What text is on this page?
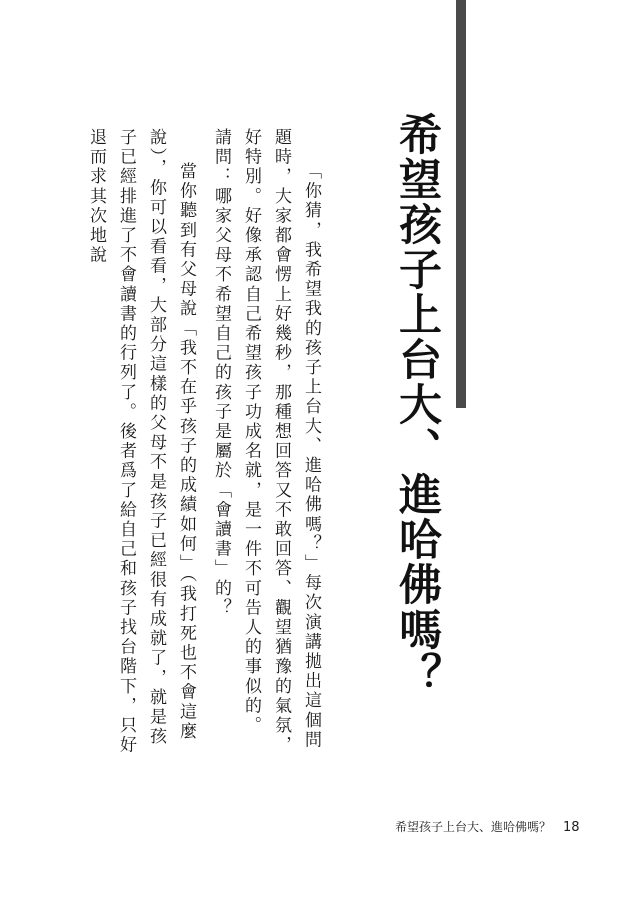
希望孩子上台大、進哈佛嗎？

「你猜，我希望我的孩子上台大、進哈佛嗎？」每次演講拋出這個問題時，大家都會愣上好幾秒，那種想回答又不敢回答、觀望猶豫的氣氛，好特別。好像承認自己希望孩子功成名就，是一件不可告人的事似的。

請問：哪家父母不希望自己的孩子是屬於「會讀書」的？

當你聽到有父母說「我不在乎孩子的成績如何」（我打死也不會這麼說），你可以看看，大部分這樣的父母不是孩子已經很有成就了，就是孩子已經排進了不會讀書的行列了。後者爲了給自己和孩子找台階下，只好退而求其次地說

希望孩子上台大、進哈佛嗎？ 18
